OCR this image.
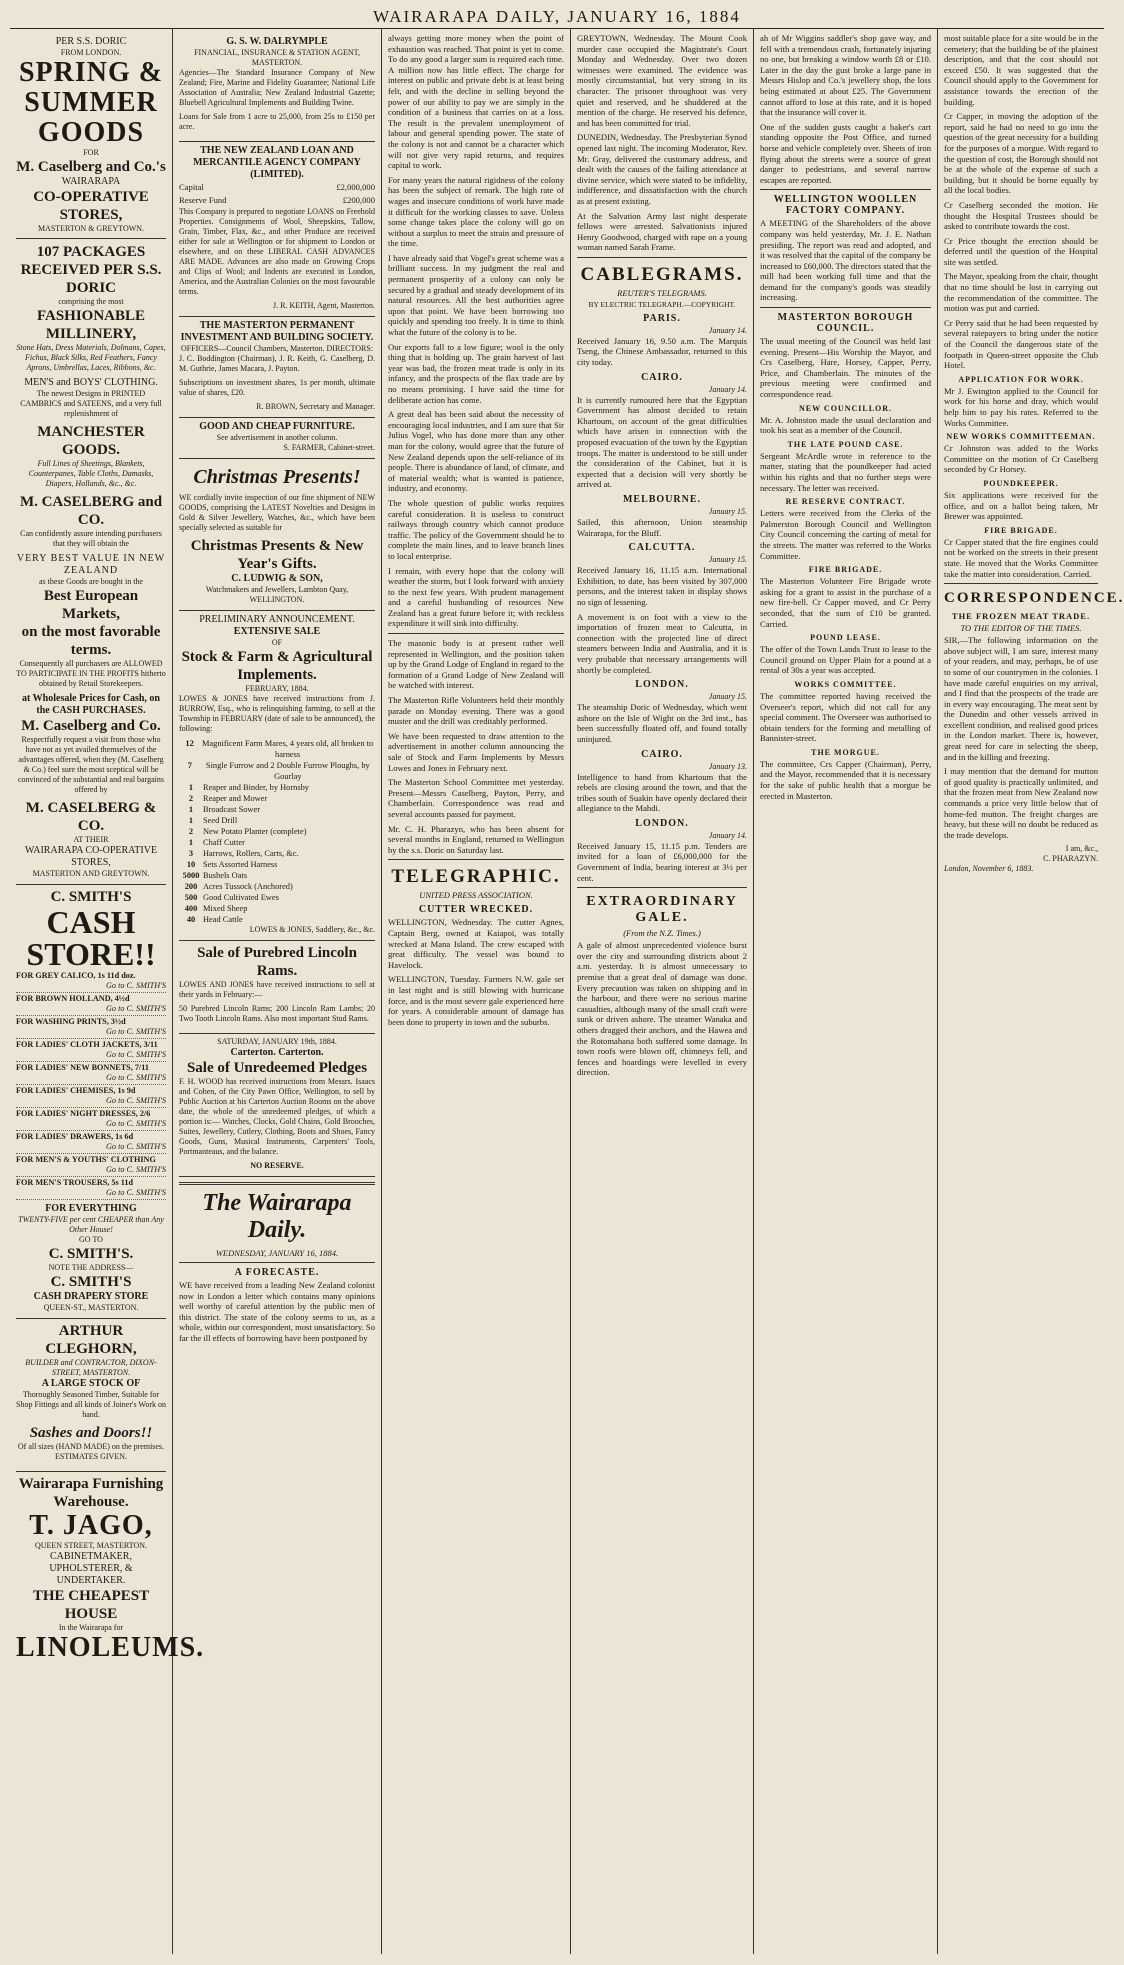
WAIRARAPA DAILY, JANUARY 16, 1884
PER S.S. DORIC
FROM LONDON.
SPRING &
SUMMER
GOODS
FOR
M. Caselberg and Co.'s
WAIRARAPA
CO-OPERATIVE STORES,
MASTERTON & GREYTOWN.
107 PACKAGES RECEIVED PER S.S. DORIC
comprising the most
FASHIONABLE MILLINERY,

Stone Hats, Dress Materials, Dolmans, Capes, Fichus, Black Silks, Red Feathers, Fancy Aprons, Umbrellas, Laces, Ribbons, &c.

MEN'S and BOYS' CLOTHING.

The newest Designs in PRINTED CAMBRICS and SATEENS, and a very full replenishment of

MANCHESTER GOODS.

Full Lines of Sheetings, Blankets, Counterpanes, Table Cloths, Damasks, Diapers, Hollands, &c., &c.

M. CASELBERG and CO.

Can confidently assure intending purchasers that they will obtain the

VERY BEST VALUE IN NEW ZEALAND
as these Goods are bought in the
Best European Markets,
on the most favorable terms.

Consequently all purchasers are ALLOWED TO PARTICIPATE IN THE PROFITS hitherto obtained by Retail Storekeepers.

at Wholesale Prices for Cash, on the CASH PURCHASES.
M. Caselberg and Co.

Respectfully request a visit from those who have not as yet availed themselves of the advantages offered, when they (M. Caselberg & Co.) feel sure the most sceptical will be convinced of the substantial and real bargains offered by

M. CASELBERG & CO.
AT THEIR
WAIRARAPA CO-OPERATIVE STORES,
MASTERTON AND GREYTOWN.
C. SMITH'S
CASH STORE!!
FOR GREY CALICO, 1s 11d doz.
Go to C. SMITH'S
FOR BROWN HOLLAND, 4½d
Go to C. SMITH'S
FOR WASHING PRINTS, 3½d
Go to C. SMITH'S
FOR LADIES' CLOTH JACKETS, 3/11
Go to C. SMITH'S
FOR LADIES' NEW BONNETS, 7/11
Go to C. SMITH'S
FOR LADIES' CHEMISES, 1s 9d
Go to C. SMITH'S
FOR LADIES' NIGHT DRESSES, 2/6
Go to C. SMITH'S
FOR LADIES' DRAWERS, 1s 6d
Go to C. SMITH'S
FOR MEN'S & YOUTHS' CLOTHING
Go to C. SMITH'S
FOR MEN'S TROUSERS, 5s 11d
Go to C. SMITH'S
FOR EVERYTHING
TWENTY-FIVE per cent CHEAPER than Any Other House!
GO TO
C. SMITH'S.
NOTE THE ADDRESS—
C. SMITH'S
CASH DRAPERY STORE
QUEEN-ST., MASTERTON.
ARTHUR CLEGHORN,
BUILDER and CONTRACTOR, DIXON-STREET, MASTERTON.
A LARGE STOCK OF

Thoroughly Seasoned Timber, Suitable for Shop Fittings and all kinds of Joiner's Work on hand.

Sashes and Doors!!

Of all sizes (HAND MADE) on the premises. ESTIMATES GIVEN.

Wairarapa Furnishing Warehouse.
T. JAGO,
QUEEN STREET, MASTERTON.
CABINETMAKER, UPHOLSTERER, & UNDERTAKER.
THE CHEAPEST HOUSE
In the Wairarapa for
LINOLEUMS.
G. S. W. DALRYMPLE
FINANCIAL, INSURANCE & STATION AGENT, MASTERTON.

Agencies—The Standard Insurance Company of New Zealand; Fire, Marine and Fidelity Guarantee; National Life Association of Australia; New Zealand Industrial Gazette; Bluebell Agricultural Implements and Building Twine.

Loans for Sale from 1 acre to 25,000, from 25s to £150 per acre.

THE NEW ZEALAND LOAN AND MERCANTILE AGENCY COMPANY (LIMITED).
Capital	£2,000,000
Reserve Fund	£200,000

This Company is prepared to negotiate LOANS on Freehold Properties. Consignments of Wool, Sheepskins, Tallow, Grain, Timber, Flax, &c., and other Produce are received either for sale at Wellington or for shipment to London or elsewhere, and on these LIBERAL CASH ADVANCES ARE MADE. Advances are also made on Growing Crops and Clips of Wool; and Indents are executed in London, America, and the Australian Colonies on the most favourable terms.

J. R. KEITH, Agent, Masterton.
THE MASTERTON PERMANENT INVESTMENT AND BUILDING SOCIETY.
OFFICERS—Council Chambers, Masterton. DIRECTORS:

J. C. Boddington (Chairman), J. R. Keith, G. Caselberg, D. M. Guthrie, James Macara, J. Payton.

Subscriptions on investment shares, 1s per month, ultimate value of shares, £20.

R. BROWN, Secretary and Manager.
GOOD AND CHEAP FURNITURE.
See advertisement in another column.
S. FARMER, Cabinet-street.
Christmas Presents!

WE cordially invite inspection of our fine shipment of NEW GOODS, comprising the LATEST Novelties and Designs in Gold & Silver Jewellery, Watches, &c., which have been specially selected as suitable for

Christmas Presents & New Year's Gifts.
C. LUDWIG & SON,
Watchmakers and Jewellers, Lambton Quay, WELLINGTON.
PRELIMINARY ANNOUNCEMENT.
EXTENSIVE SALE
OF
Stock & Farm & Agricultural Implements.
FEBRUARY, 1884.

LOWES & JONES have received instructions from J. BURROW, Esq., who is relinquishing farming, to sell at the Township in FEBRUARY (date of sale to be announced), the following:

12 Magnificent Farm Mares, 4 years old, all broken to harness
7	Single Furrow and 2 Double Furrow Ploughs, by Gourlay
1	Reaper and Binder, by Hornsby
2	Reaper and Mower
1	Broadcast Sower
1	Seed Drill
2	New Potato Planter (complete)
1	Chaff Cutter
3	Harrows, Rollers, Carts, &c.
10 Sets Assorted Harness
5000 Bushels Oats
200 Acres Tussock (Anchored)
500 Good Cultivated Ewes
400 Mixed Sheep
40 Head Cattle
LOWES & JONES, Saddlery, &c., &c.
Sale of Purebred Lincoln Rams.

LOWES AND JONES have received instructions to sell at their yards in February:—

50 Purebred Lincoln Rams; 200 Lincoln Ram Lambs; 20 Two Tooth Lincoln Rams. Also most important Stud Rams.

SATURDAY, JANUARY 19th, 1884.
Carterton. Carterton.
Sale of Unredeemed Pledges

F. H. WOOD has received instructions from Messrs. Isaacs and Cohen, of the City Pawn Office, Wellington, to sell by Public Auction at his Carterton Auction Rooms on the above date, the whole of the unredeemed pledges, of which a portion is:— Watches, Clocks, Gold Chains, Gold Brooches, Suites, Jewellery, Cutlery, Clothing, Boots and Shoes, Fancy Goods, Guns, Musical Instruments, Carpenters' Tools, Portmanteaus, and the balance.

NO RESERVE.
The Wairarapa Daily.
WEDNESDAY, JANUARY 16, 1884.
A FORECASTE.

WE have received from a leading New Zealand colonist now in London a letter which contains many opinions well worthy of careful attention by the public men of this district. The state of the colony seems to us, as a whole, within our correspondent, most unsatisfactory. So far the ill effects of borrowing have been postponed by

always getting more money when the point of exhaustion was reached. That point is yet to come. To do any good a larger sum is required each time. A million now has little effect. The charge for interest on public and private debt is at least being felt, and with the decline in selling beyond the power of our ability to pay we are simply in the condition of a business that carries on at a loss. The result is the prevalent unemployment of labour and general spending power. The state of the colony is not and cannot be a character which will not give very rapid returns, and requires capital to work.

For many years the natural rigidness of the colony has been the subject of remark. The high rate of wages and insecure conditions of work have made it difficult for the working classes to save. Unless some change takes place the colony will go on without a surplus to meet the strain and pressure of the time.

I have already said that Vogel's great scheme was a brilliant success. In my judgment the real and permanent prosperity of a colony can only be secured by a gradual and steady development of its natural resources. All the best authorities agree upon that point. We have been borrowing too quickly and spending too freely. It is time to think what the future of the colony is to be.

Our exports fall to a low figure; wool is the only thing that is holding up. The grain harvest of last year was bad, the frozen meat trade is only in its infancy, and the prospects of the flax trade are by no means promising. I have said the time for deliberate action has come.

A great deal has been said about the necessity of encouraging local industries, and I am sure that Sir Julius Vogel, who has done more than any other man for the colony, would agree that the future of New Zealand depends upon the self-reliance of its people. There is abundance of land, of climate, and of material wealth; what is wanted is patience, industry, and economy.

The whole question of public works requires careful consideration. It is useless to construct railways through country which cannot produce traffic. The policy of the Government should be to complete the main lines, and to leave branch lines to local enterprise.

I remain, with every hope that the colony will weather the storm, but I look forward with anxiety to the next few years. With prudent management and a careful husbanding of resources New Zealand has a great future before it; with reckless expenditure it will sink into difficulty.

The masonic body is at present rather well represented in Wellington, and the position taken up by the Grand Lodge of England in regard to the formation of a Grand Lodge of New Zealand will be watched with interest.

The Masterton Rifle Volunteers held their monthly parade on Monday evening. There was a good muster and the drill was creditably performed.

We have been requested to draw attention to the advertisement in another column announcing the sale of Stock and Farm Implements by Messrs Lowes and Jones in February next.

The Masterton School Committee met yesterday. Present—Messrs Caselberg, Payton, Perry, and Chamberlain. Correspondence was read and several accounts passed for payment.

Mr. C. H. Pharazyn, who has been absent for several months in England, returned to Wellington by the s.s. Doric on Saturday last.

TELEGRAPHIC.
UNITED PRESS ASSOCIATION.
CUTTER WRECKED.

WELLINGTON, Wednesday. The cutter Agnes, Captain Berg, owned at Kaiapoi, was totally wrecked at Mana Island. The crew escaped with great difficulty. The vessel was bound to Havelock.

WELLINGTON, Tuesday. Farmers N.W. gale set in last night and is still blowing with hurricane force, and is the most severe gale experienced here for years. A considerable amount of damage has been done to property in town and the suburbs.

GREYTOWN, Wednesday. The Mount Cook murder case occupied the Magistrate's Court Monday and Wednesday. Over two dozen witnesses were examined. The evidence was mostly circumstantial, but very strong in its character. The prisoner throughout was very quiet and reserved, and he shuddered at the mention of the charge. He reserved his defence, and has been committed for trial.

DUNEDIN, Wednesday. The Presbyterian Synod opened last night. The incoming Moderator, Rev. Mr. Gray, delivered the customary address, and dealt with the causes of the failing attendance at divine service, which were stated to be infidelity, indifference, and dissatisfaction with the church as at present existing.

At the Salvation Army last night desperate fellows were arrested. Salvationists injured Henry Goodwood, charged with rape on a young woman named Sarah Frame.

CABLEGRAMS.
REUTER'S TELEGRAMS.
BY ELECTRIC TELEGRAPH.—COPYRIGHT.
PARIS.
January 14.

Received January 16, 9.50 a.m. The Marquis Tseng, the Chinese Ambassador, returned to this city today.

CAIRO.
January 14.

It is currently rumoured here that the Egyptian Government has almost decided to retain Khartoum, on account of the great difficulties which have arisen in connection with the proposed evacuation of the town by the Egyptian troops. The matter is understood to be still under the consideration of the Cabinet, but it is expected that a decision will very shortly be arrived at.

MELBOURNE.
January 15.

Sailed, this afternoon, Union steamship Wairarapa, for the Bluff.

CALCUTTA.
January 15.

Received January 16, 11.15 a.m. International Exhibition, to date, has been visited by 307,000 persons, and the interest taken in display shows no sign of lessening.

A movement is on foot with a view to the importation of frozen meat to Calcutta, in connection with the projected line of direct steamers between India and Australia, and it is very probable that necessary arrangements will shortly be completed.

LONDON.
January 15.

The steamship Doric of Wednesday, which went ashore on the Isle of Wight on the 3rd inst., has been successfully floated off, and found totally uninjured.

CAIRO.
January 13.

Intelligence to hand from Khartoum that the rebels are closing around the town, and that the tribes south of Suakin have openly declared their allegiance to the Mahdi.

LONDON.
January 14.

Received January 15, 11.15 p.m. Tenders are invited for a loan of £6,000,000 for the Government of India, bearing interest at 3½ per cent.

EXTRAORDINARY GALE.
(From the N.Z. Times.)

A gale of almost unprecedented violence burst over the city and surrounding districts about 2 a.m. yesterday. It is almost unnecessary to premise that a great deal of damage was done. Every precaution was taken on shipping and in the harbour, and there were no serious marine casualties, although many of the small craft were sunk or driven ashore. The steamer Wanaka and others dragged their anchors, and the Hawea and the Rotomahana both suffered some damage. In town roofs were blown off, chimneys fell, and fences and hoardings were levelled in every direction.

ah of Mr Wiggins saddler's shop gave way, and fell with a tremendous crash, fortunately injuring no one, but breaking a window worth £8 or £10. Later in the day the gust broke a large pane in Messrs Hislop and Co.'s jewellery shop, the loss being estimated at about £25. The Government cannot afford to lose at this rate, and it is hoped that the insurance will cover it.

One of the sudden gusts caught a baker's cart standing opposite the Post Office, and turned horse and vehicle completely over. Sheets of iron flying about the streets were a source of great danger to pedestrians, and several narrow escapes are reported.

WELLINGTON WOOLLEN FACTORY COMPANY.

A MEETING of the Shareholders of the above company was held yesterday, Mr. J. E. Nathan presiding. The report was read and adopted, and it was resolved that the capital of the company be increased to £60,000. The directors stated that the mill had been working full time and that the demand for the company's goods was steadily increasing.

MASTERTON BOROUGH COUNCIL.

The usual meeting of the Council was held last evening. Present—His Worship the Mayor, and Crs Caselberg, Hare, Horsey, Capper, Perry, Price, and Chamberlain. The minutes of the previous meeting were confirmed and correspondence read.

NEW COUNCILLOR.

Mr. A. Johnston made the usual declaration and took his seat as a member of the Council.

THE LATE POUND CASE.

Sergeant McArdle wrote in reference to the matter, stating that the poundkeeper had acted within his rights and that no further steps were necessary. The letter was received.

RE RESERVE CONTRACT.

Letters were received from the Clerks of the Palmerston Borough Council and Wellington City Council concerning the carting of metal for the streets. The matter was referred to the Works Committee.

FIRE BRIGADE.

The Masterton Volunteer Fire Brigade wrote asking for a grant to assist in the purchase of a new fire-bell. Cr Capper moved, and Cr Perry seconded, that the sum of £10 be granted. Carried.

POUND LEASE.

The offer of the Town Lands Trust to lease to the Council ground on Upper Plain for a pound at a rental of 30s a year was accepted.

WORKS COMMITTEE.

The committee reported having received the Overseer's report, which did not call for any special comment. The Overseer was authorised to obtain tenders for the forming and metalling of Bannister-street.

THE MORGUE.

The committee, Crs Capper (Chairman), Perry, and the Mayor, recommended that it is necessary for the sake of public health that a morgue be erected in Masterton.

most suitable place for a site would be in the cemetery; that the building be of the plainest description, and that the cost should not exceed £50. It was suggested that the Council should apply to the Government for assistance towards the erection of the building.

Cr Capper, in moving the adoption of the report, said he had no need to go into the question of the great necessity for a building for the purposes of a morgue. With regard to the question of cost, the Borough should not be at the whole of the expense of such a building, but it should be borne equally by all the local bodies.

Cr Caselberg seconded the motion. He thought the Hospital Trustees should be asked to contribute towards the cost.

Cr Price thought the erection should be deferred until the question of the Hospital site was settled.

The Mayor, speaking from the chair, thought that no time should be lost in carrying out the recommendation of the committee. The motion was put and carried.

Cr Perry said that he had been requested by several ratepayers to bring under the notice of the Council the dangerous state of the footpath in Queen-street opposite the Club Hotel.

APPLICATION FOR WORK.

Mr J. Ewington applied to the Council for work for his horse and dray, which would help him to pay his rates. Referred to the Works Committee.

NEW WORKS COMMITTEEMAN.

Cr Johnston was added to the Works Committee on the motion of Cr Caselberg seconded by Cr Horsey.

POUNDKEEPER.

Six applications were received for the office, and on a ballot being taken, Mr Brewer was appointed.

FIRE BRIGADE.

Cr Capper stated that the fire engines could not be worked on the streets in their present state. He moved that the Works Committee take the matter into consideration. Carried.

CORRESPONDENCE.
THE FROZEN MEAT TRADE.
TO THE EDITOR OF THE TIMES.

SIR,—The following information on the above subject will, I am sure, interest many of your readers, and may, perhaps, be of use to some of our countrymen in the colonies. I have made careful enquiries on my arrival, and I find that the prospects of the trade are in every way encouraging. The meat sent by the Dunedin and other vessels arrived in excellent condition, and realised good prices in the London market. There is, however, great need for care in selecting the sheep, and in the killing and freezing.

I may mention that the demand for mutton of good quality is practically unlimited, and that the frozen meat from New Zealand now commands a price very little below that of home-fed mutton. The freight charges are heavy, but these will no doubt be reduced as the trade develops.

I am, &c.,
C. PHARAZYN.
London, November 6, 1883.
